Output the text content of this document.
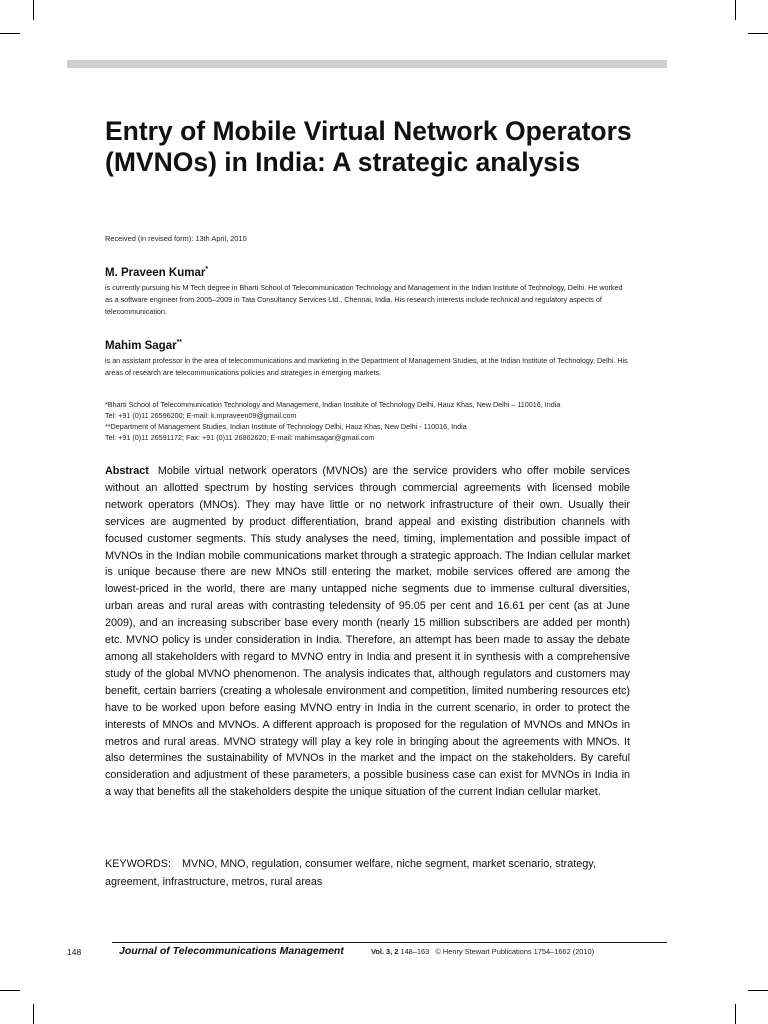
Entry of Mobile Virtual Network Operators (MVNOs) in India: A strategic analysis
Received (in revised form): 13th April, 2010
M. Praveen Kumar*
is currently pursuing his M Tech degree in Bharti School of Telecommunication Technology and Management in the Indian Institute of Technology, Delhi. He worked as a software engineer from 2005–2009 in Tata Consultancy Services Ltd., Chennai, India. His research interests include technical and regulatory aspects of telecommunication.
Mahim Sagar**
is an assistant professor in the area of telecommunications and marketing in the Department of Management Studies, at the Indian Institute of Technology, Delhi. His areas of research are telecommunications policies and strategies in emerging markets.
*Bharti School of Telecommunication Technology and Management, Indian Institute of Technology Delhi, Hauz Khas, New Delhi – 110016, India
Tel: +91 (0)11 26596200; E-mail: k.mpraveen09@gmail.com
**Department of Management Studies, Indian Institute of Technology Delhi, Hauz Khas, New Delhi - 110016, India
Tel: +91 (0)11 26591172; Fax: +91 (0)11 26862620; E-mail: mahimsagar@gmail.com
Abstract Mobile virtual network operators (MVNOs) are the service providers who offer mobile services without an allotted spectrum by hosting services through commercial agreements with licensed mobile network operators (MNOs). They may have little or no network infrastructure of their own. Usually their services are augmented by product differentiation, brand appeal and existing distribution channels with focused customer segments. This study analyses the need, timing, implementation and possible impact of MVNOs in the Indian mobile communications market through a strategic approach. The Indian cellular market is unique because there are new MNOs still entering the market, mobile services offered are among the lowest-priced in the world, there are many untapped niche segments due to immense cultural diversities, urban areas and rural areas with contrasting teledensity of 95.05 per cent and 16.61 per cent (as at June 2009), and an increasing subscriber base every month (nearly 15 million subscribers are added per month) etc. MVNO policy is under consideration in India. Therefore, an attempt has been made to assay the debate among all stakeholders with regard to MVNO entry in India and present it in synthesis with a comprehensive study of the global MVNO phenomenon. The analysis indicates that, although regulators and customers may benefit, certain barriers (creating a wholesale environment and competition, limited numbering resources etc) have to be worked upon before easing MVNO entry in India in the current scenario, in order to protect the interests of MNOs and MVNOs. A different approach is proposed for the regulation of MVNOs and MNOs in metros and rural areas. MVNO strategy will play a key role in bringing about the agreements with MNOs. It also determines the sustainability of MVNOs in the market and the impact on the stakeholders. By careful consideration and adjustment of these parameters, a possible business case can exist for MVNOs in India in a way that benefits all the stakeholders despite the unique situation of the current Indian cellular market.
KEYWORDS: MVNO, MNO, regulation, consumer welfare, niche segment, market scenario, strategy, agreement, infrastructure, metros, rural areas
148	Journal of Telecommunications Management	Vol. 3, 2 148–163 © Henry Stewart Publications 1754–1662 (2010)
